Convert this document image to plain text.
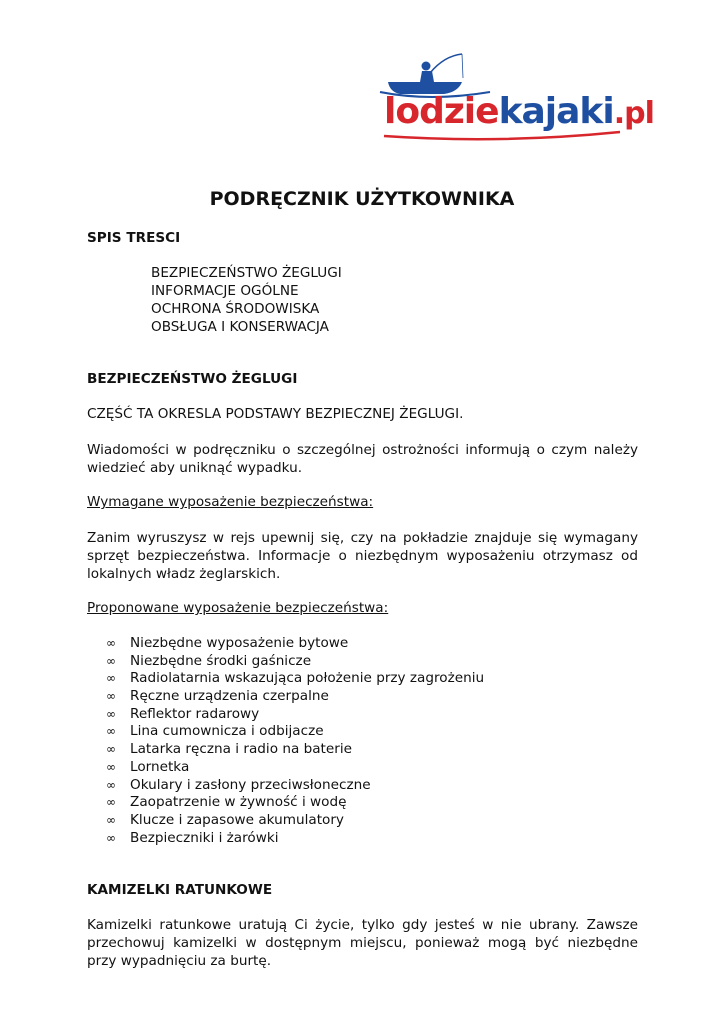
lodziekajaki.pl
PODRĘCZNIK UŻYTKOWNIKA
SPIS TRESCI
BEZPIECZEŃSTWO ŻEGLUGI
INFORMACJE OGÓLNE
OCHRONA ŚRODOWISKA
OBSŁUGA I KONSERWACJA
BEZPIECZEŃSTWO ŻEGLUGI

CZĘŚĆ TA OKRESLA PODSTAWY BEZPIECZNEJ ŻEGLUGI.

Wiadomości w podręczniku o szczególnej ostrożności informują o czym należy wiedzieć aby uniknąć wypadku.

Wymagane wyposażenie bezpieczeństwa:

Zanim wyruszysz w rejs upewnij się, czy na pokładzie znajduje się wymagany sprzęt bezpieczeństwa. Informacje o niezbędnym wyposażeniu otrzymasz od lokalnych władz żeglarskich.

Proponowane wyposażenie bezpieczeństwa:
∞ Niezbędne wyposażenie bytowe
∞ Niezbędne środki gaśnicze
∞ Radiolatarnia wskazująca położenie przy zagrożeniu
∞ Ręczne urządzenia czerpalne
∞ Reflektor radarowy
∞ Lina cumownicza i odbijacze
∞ Latarka ręczna i radio na baterie
∞ Lornetka
∞ Okulary i zasłony przeciwsłoneczne
∞ Zaopatrzenie w żywność i wodę
∞ Klucze i zapasowe akumulatory
∞ Bezpieczniki i żarówki
KAMIZELKI RATUNKOWE

Kamizelki ratunkowe uratują Ci życie, tylko gdy jesteś w nie ubrany. Zawsze przechowuj kamizelki w dostępnym miejscu, ponieważ mogą być niezbędne przy wypadnięciu za burtę.
